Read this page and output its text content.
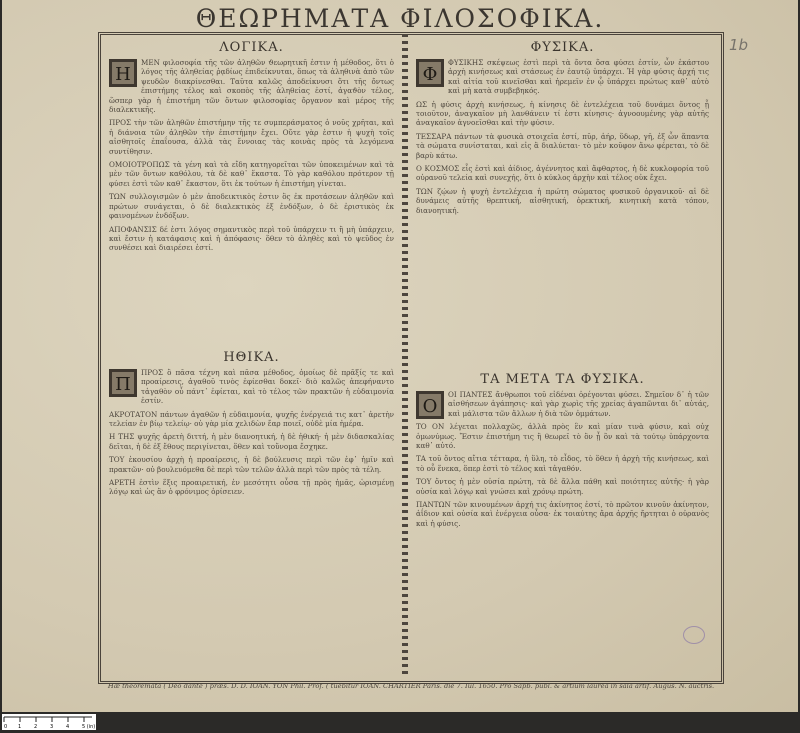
1b
ΘΕΩΡΗΜΑΤΑ ΦΙΛΟΣΟΦΙΚΑ.
ΛΟΓΙΚΑ.

Η
ΜΕΝ φιλοσοφία τῆς τῶν ἀληθῶν ϑεωρητικῆ ἐστιν ἡ μέθοδος, ὅτι ὁ λόγος τῆς ἀληθείας ῥᾳδίως ἐπιδείκνυται, ὅπως τὰ ἀληθινὰ ἀπὸ τῶν ψευδῶν διακρίνεσθαι. Ταῦτα καλῶς ἀποδείκνυσι ὅτι τῆς ὄντως ἐπιστήμης τέλος καὶ σκοπὸς τῆς ἀληθείας ἐστί, ἀγαϑὸν τέλος, ὥσπερ γὰρ ἡ ἐπιστήμη τῶν ὄντων φιλοσοφίας ὄργανον καὶ μέρος τῆς διαλεκτικῆς.

ΠΡΟΣ τὴν τῶν ἀληθῶν ἐπιστήμην τῆς τε συμπεράσματος ὁ νοῦς χρῆται, καὶ ἡ διάνοια τῶν ἀληθῶν τὴν ἐπιστήμην ἔχει. Οὔτε γὰρ ἐστιν ἡ ψυχὴ τοῖς αἰσθητοῖς ἐπαΐουσα, ἀλλὰ τὰς ἔννοιας τὰς κοινὰς πρὸς τὰ λεγόμενα συντίθησιν.

ΟΜΟΙΟΤΡΟΠΩΣ τὰ γένη καὶ τὰ εἴδη κατηγορεῖται τῶν ὑποκειμένων καὶ τὰ μὲν τῶν ὄντων καθόλου, τὰ δὲ καθ᾽ ἕκαστα. Τὸ γὰρ καθόλου πρότερον τῇ φύσει ἐστὶ τῶν καθ᾽ ἕκαστον, ὅτι ἐκ τούτων ἡ ἐπιστήμη γίνεται.

ΤΩΝ συλλογισμῶν ὁ μὲν ἀποδεικτικὸς ἐστιν ὃς ἐκ προτάσεων ἀληθῶν καὶ πρώτων συνάγεται, ὁ δὲ διαλεκτικὸς ἐξ ἐνδόξων, ὁ δὲ ἐριστικὸς ἐκ φαινομένων ἐνδόξων.

ΑΠΟΦΑΝΣΙΣ δέ ἐστι λόγος σημαντικὸς περὶ τοῦ ὑπάρχειν τι ἢ μὴ ὑπάρχειν, καὶ ἔστιν ἡ κατάφασις καὶ ἡ ἀπόφασις· ὅθεν τὸ ἀληθὲς καὶ τὸ ψεῦδος ἐν συνθέσει καὶ διαιρέσει ἐστί.

ΗΘΙΚΑ.

Π
ΠΡΟΣ ὃ πᾶσα τέχνη καὶ πᾶσα μέθοδος, ὁμοίως δὲ πρᾶξίς τε καὶ προαίρεσις, ἀγαθοῦ τινὸς ἐφίεσθαι δοκεῖ· διὸ καλῶς ἀπεφήναντο τἀγαθὸν οὗ πάντ᾽ ἐφίεται, καὶ τὸ τέλος τῶν πρακτῶν ἡ εὐδαιμονία ἐστίν.

ΑΚΡΟΤΑΤΟΝ πάντων ἀγαθῶν ἡ εὐδαιμονία, ψυχῆς ἐνέργειά τις κατ᾽ ἀρετὴν τελείαν ἐν βίῳ τελείῳ· οὐ γὰρ μία χελιδὼν ἔαρ ποιεῖ, οὐδὲ μία ἡμέρα.

Η ΤΗΣ ψυχῆς ἀρετὴ διττή, ἡ μὲν διανοητική, ἡ δὲ ἠθική· ἡ μὲν διδασκαλίας δεῖται, ἡ δὲ ἐξ ἔθους περιγίνεται, ὅθεν καὶ τοὔνομα ἔσχηκε.

ΤΟΥ ἑκουσίου ἀρχὴ ἡ προαίρεσις, ἡ δὲ βούλευσις περὶ τῶν ἐφ᾽ ἡμῖν καὶ πρακτῶν· οὐ βουλευόμεθα δὲ περὶ τῶν τελῶν ἀλλὰ περὶ τῶν πρὸς τὰ τέλη.

ΑΡΕΤΗ ἐστὶν ἕξις προαιρετική, ἐν μεσότητι οὖσα τῇ πρὸς ἡμᾶς, ὡρισμένῃ λόγῳ καὶ ὡς ἂν ὁ φρόνιμος ὁρίσειεν.

ΦΥΣΙΚΑ.

Φ
ΦΥΣΙΚΗΣ σκέψεως ἐστὶ περὶ τὰ ὄντα ὅσα φύσει ἐστίν, ὧν ἑκάστου ἀρχὴ κινήσεως καὶ στάσεως ἐν ἑαυτῷ ὑπάρχει. Ἡ γὰρ φύσις ἀρχή τις καὶ αἰτία τοῦ κινεῖσθαι καὶ ἠρεμεῖν ἐν ᾧ ὑπάρχει πρώτως καθ᾽ αὑτὸ καὶ μὴ κατὰ συμβεβηκός.

ΩΣ ἡ φύσις ἀρχὴ κινήσεως, ἡ κίνησις δὲ ἐντελέχεια τοῦ δυνάμει ὄντος ᾗ τοιοῦτον, ἀναγκαῖον μὴ λανθάνειν τί ἐστι κίνησις· ἀγνοουμένης γὰρ αὐτῆς ἀναγκαῖον ἀγνοεῖσθαι καὶ τὴν φύσιν.

ΤΕΣΣΑΡΑ πάντων τὰ φυσικὰ στοιχεῖα ἐστί, πῦρ, ἀήρ, ὕδωρ, γῆ, ἐξ ὧν ἅπαντα τὰ σώματα συνίσταται, καὶ εἰς ἃ διαλύεται· τὸ μὲν κοῦφον ἄνω φέρεται, τὸ δὲ βαρὺ κάτω.

Ο ΚΟΣΜΟΣ εἷς ἐστὶ καὶ ἀίδιος, ἀγέννητος καὶ ἄφθαρτος, ἡ δὲ κυκλοφορία τοῦ οὐρανοῦ τελεία καὶ συνεχής, ὅτι ὁ κύκλος ἀρχὴν καὶ τέλος οὐκ ἔχει.

ΤΩΝ ζῴων ἡ ψυχὴ ἐντελέχεια ἡ πρώτη σώματος φυσικοῦ ὀργανικοῦ· αἱ δὲ δυνάμεις αὐτῆς θρεπτική, αἰσθητική, ὀρεκτική, κινητικὴ κατὰ τόπον, διανοητική.

ΤΑ ΜΕΤΑ ΤΑ ΦΥΣΙΚΑ.

Ο
ΟΙ ΠΑΝΤΕΣ ἄνθρωποι τοῦ εἰδέναι ὀρέγονται φύσει. Σημεῖον δ᾽ ἡ τῶν αἰσθήσεων ἀγάπησις· καὶ γὰρ χωρὶς τῆς χρείας ἀγαπῶνται δι᾽ αὑτάς, καὶ μάλιστα τῶν ἄλλων ἡ διὰ τῶν ὀμμάτων.

ΤΟ ΟΝ λέγεται πολλαχῶς, ἀλλὰ πρὸς ἓν καὶ μίαν τινὰ φύσιν, καὶ οὐχ ὁμωνύμως. Ἔστιν ἐπιστήμη τις ἣ θεωρεῖ τὸ ὂν ᾗ ὂν καὶ τὰ τούτῳ ὑπάρχοντα καθ᾽ αὑτό.

ΤΑ τοῦ ὄντος αἴτια τέτταρα, ἡ ὕλη, τὸ εἶδος, τὸ ὅθεν ἡ ἀρχὴ τῆς κινήσεως, καὶ τὸ οὗ ἕνεκα, ὅπερ ἐστὶ τὸ τέλος καὶ τἀγαθόν.

ΤΟΥ ὄντος ἡ μὲν οὐσία πρώτη, τὰ δὲ ἄλλα πάθη καὶ ποιότητες αὐτῆς· ἡ γὰρ οὐσία καὶ λόγῳ καὶ γνώσει καὶ χρόνῳ πρώτη.

ΠΑΝΤΩΝ τῶν κινουμένων ἀρχή τις ἀκίνητος ἐστί, τὸ πρῶτον κινοῦν ἀκίνητον, ἀΐδιον καὶ οὐσία καὶ ἐνέργεια οὖσα· ἐκ τοιαύτης ἄρα ἀρχῆς ἤρτηται ὁ οὐρανὸς καὶ ἡ φύσις.

Hæ theoremata ( Deo dante ) præs. D. D. IOAN. YON Phil. Prof. ( tuebitur IOAN. CHARTIER Paris. die 7. Iul. 1650. Pro Sapb. publ. & artium laurea in sala artif. Augus. N. auctris.
0 1	2	3	4	5 (in)
